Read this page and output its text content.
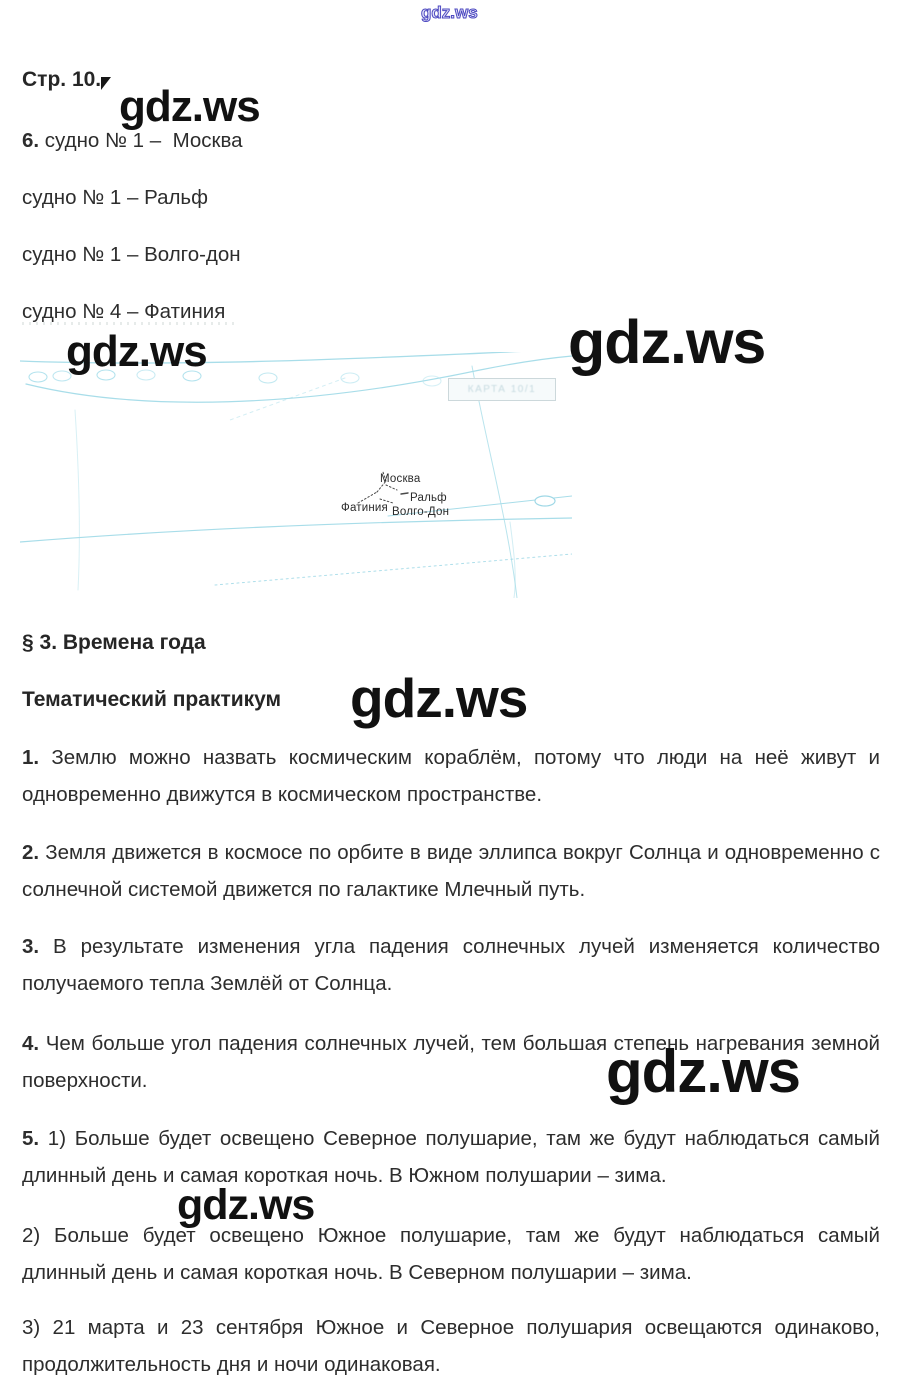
gdz.ws
Стр. 10.
gdz.ws
6. судно № 1 –  Москва
судно № 1 – Ральф
судно № 1 – Волго-дон
судно № 4 – Фатиния
gdz.ws	gdz.ws
КАРТА 10/1
Москва
Ральф
Фатиния Волго-Дон
§ 3. Времена года
Тематический практикум gdz.ws

1. Землю можно назвать космическим кораблём, потому что люди на неё живут и одновременно движутся в космическом пространстве.

2. Земля движется в космосе по орбите в виде эллипса вокруг Солнца и одновременно с солнечной системой движется по галактике Млечный путь.

3. В результате изменения угла падения солнечных лучей изменяется количество получаемого тепла Землёй от Солнца.

4. Чем больше угол падения солнечных лучей, тем большая степень нагревания земной поверхности.	gdz.ws

5. 1) Больше будет освещено Северное полушарие, там же будут наблюдаться самый длинный день и самая короткая ночь. В Южном полушарии – зима.

gdz.ws

2) Больше будет освещено Южное полушарие, там же будут наблюдаться самый длинный день и самая короткая ночь. В Северном полушарии – зима.

3) 21 марта и 23 сентября Южное и Северное полушария освещаются одинаково, продолжительность дня и ночи одинаковая.
